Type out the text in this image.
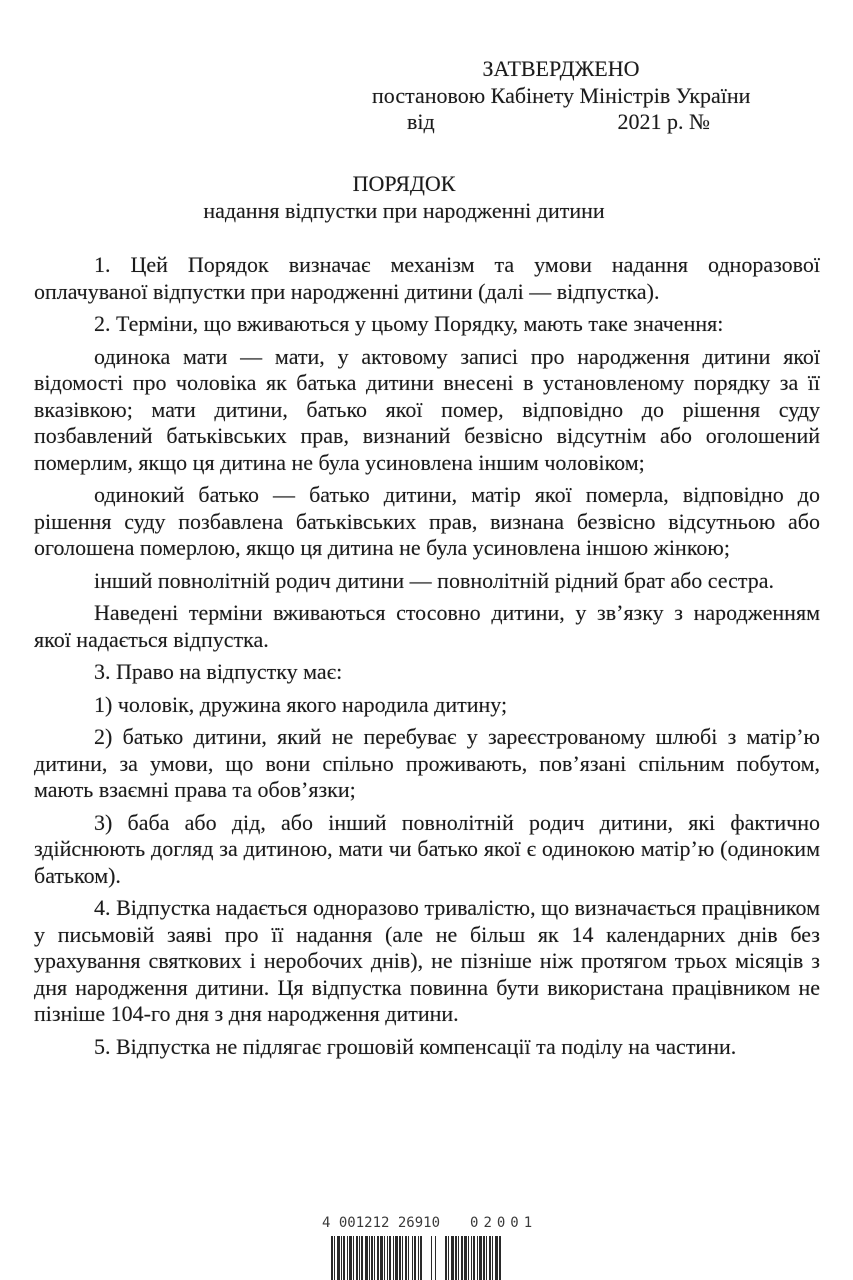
ЗАТВЕРДЖЕНО
постановою Кабінету Міністрів України
від	2021 р. №
ПОРЯДОК
надання відпустки при народженні дитини

1. Цей Порядок визначає механізм та умови надання одноразової оплачуваної відпустки при народженні дитини (далі — відпустка).

2. Терміни, що вживаються у цьому Порядку, мають таке значення:

одинока мати — мати, у актовому записі про народження дитини якої відомості про чоловіка як батька дитини внесені в установленому порядку за її вказівкою; мати дитини, батько якої помер, відповідно до рішення суду позбавлений батьківських прав, визнаний безвісно відсутнім або оголошений померлим, якщо ця дитина не була усиновлена іншим чоловіком;

одинокий батько — батько дитини, матір якої померла, відповідно до рішення суду позбавлена батьківських прав, визнана безвісно відсутньою або оголошена померлою, якщо ця дитина не була усиновлена іншою жінкою;

інший повнолітній родич дитини — повнолітній рідний брат або сестра.

Наведені терміни вживаються стосовно дитини, у зв’язку з народженням якої надається відпустка.

3. Право на відпустку має:

1) чоловік, дружина якого народила дитину;

2) батько дитини, який не перебуває у зареєстрованому шлюбі з матір’ю дитини, за умови, що вони спільно проживають, пов’язані спільним побутом, мають взаємні права та обов’язки;

3) баба або дід, або інший повнолітній родич дитини, які фактично здійснюють догляд за дитиною, мати чи батько якої є одинокою матір’ю (одиноким батьком).

4. Відпустка надається одноразово тривалістю, що визначається працівником у письмовій заяві про її надання (але не більш як 14 календарних днів без урахування святкових і неробочих днів), не пізніше ніж протягом трьох місяців з дня народження дитини. Ця відпустка повинна бути використана працівником не пізніше 104-го дня з дня народження дитини.

5. Відпустка не підлягає грошовій компенсації та поділу на частини.

4 001212 26910 02001
